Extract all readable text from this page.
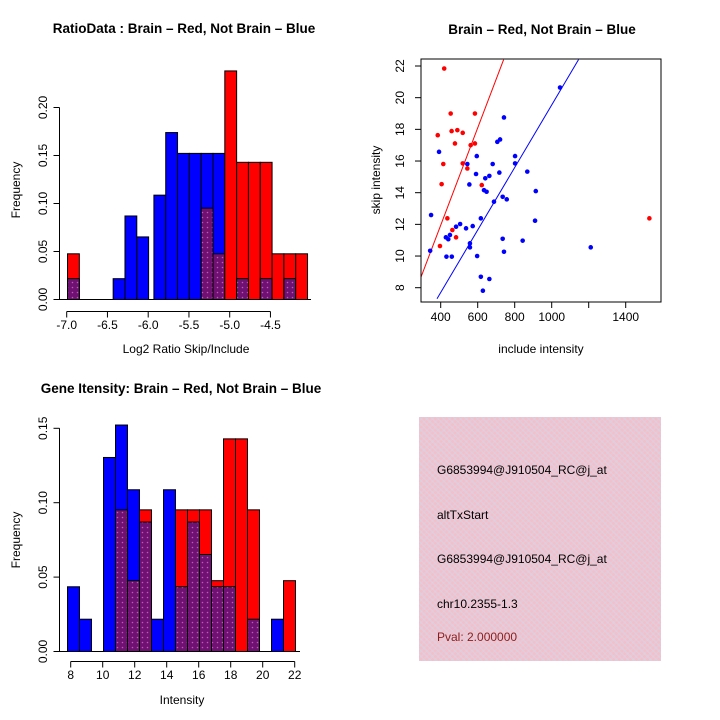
RatioData : Brain – Red, Not Brain – Blue
Log2 Ratio Skip/Include
Frequency
-7.0 -6.5 -6.0 -5.5 -5.0 -4.5
0.00
0.05
0.10
0.15
0.20
Brain – Red, Not Brain – Blue
include intensity
skip intensity
400 600 800 1000	1400
8
10
12
14
16
18
20
22
Gene Itensity: Brain – Red, Not Brain – Blue
Intensity
Frequency
8 10 12 14 16 18 20 22
0.00
0.05
0.10
0.15
G6853994@J910504_RC@j_at
altTxStart
G6853994@J910504_RC@j_at
chr10.2355-1.3
Pval: 2.000000
